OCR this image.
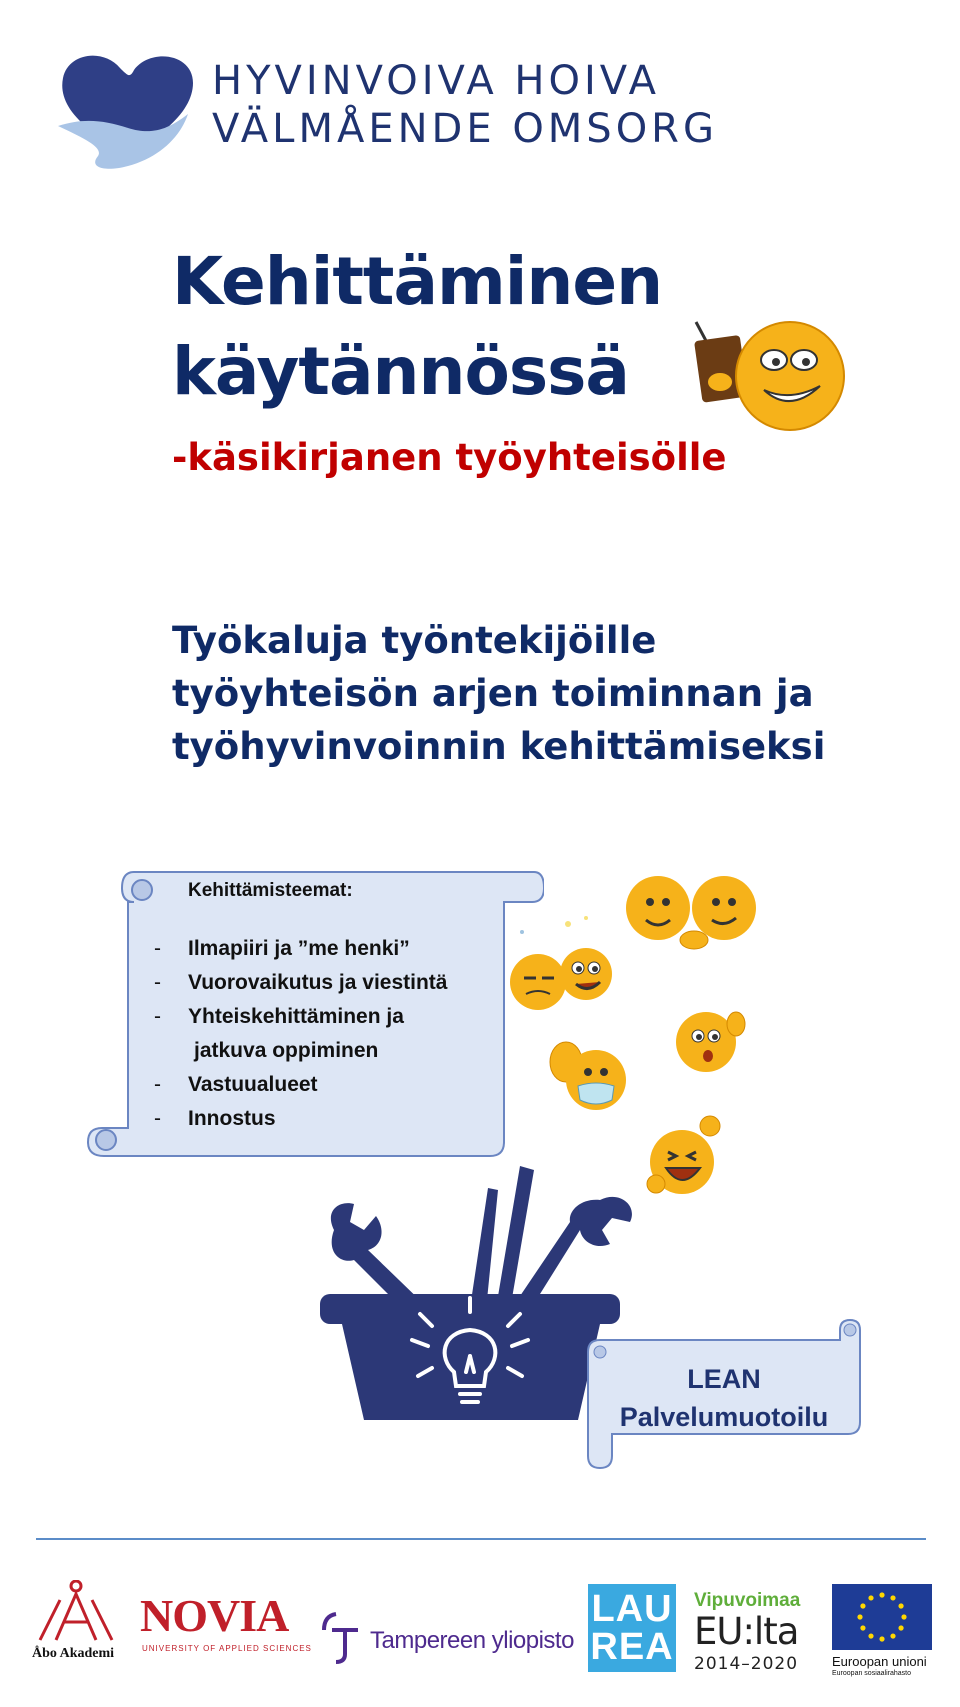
HYVINVOIVA HOIVA
VÄLMÅENDE OMSORG
Kehittäminen
käytännössä
-käsikirjanen työyhteisölle
Työkaluja työntekijöille
työyhteisön arjen toiminnan ja
työhyvinvoinnin kehittämiseksi
Kehittämisteemat:
- Ilmapiiri ja ”me henki”
- Vuorovaikutus ja viestintä
- Yhteiskehittäminen ja
jatkuva oppiminen
- Vastuualueet
- Innostus
LEAN
Palvelumuotoilu
Åbo Akademi
NOVIA
UNIVERSITY OF APPLIED SCIENCES Tampereen yliopisto
LAU
REA
Vipuvoimaa
EU:lta
2014–2020	Euroopan unioni
Euroopan sosiaalirahasto
